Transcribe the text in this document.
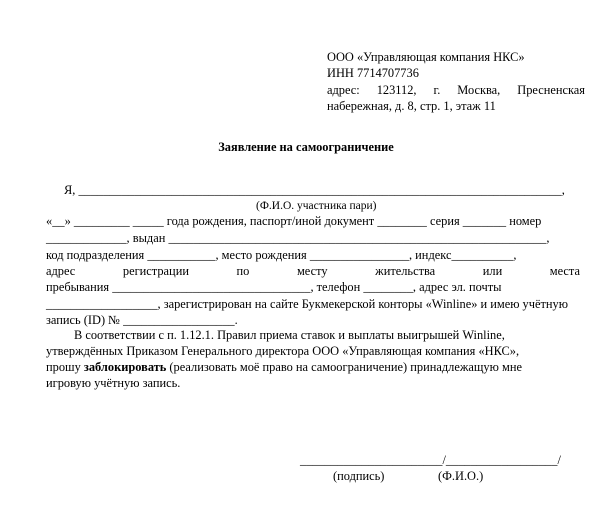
ООО «Управляющая компания НКС»
ИНН 7714707736
адрес: 123112, г. Москва, Пресненская
набережная, д. 8, стр. 1, этаж 11
Заявление на самоограничение
Я, ______________________________________________________________________________,
(Ф.И.О. участника пари)
«__» _________ _____ года рождения, паспорт/иной документ ________ серия _______ номер
_____________, выдан _____________________________________________________________,
код подразделения ___________, место рождения ________________, индекс__________,
адрес регистрации по месту жительства или места
пребывания ________________________________, телефон ________, адрес эл. почты
__________________, зарегистрирован на сайте Букмекерской конторы «Winline» и имею учётную
запись (ID) № __________________.
В соответствии с п. 1.12.1. Правил приема ставок и выплаты выигрышей Winline,
утверждённых Приказом Генерального директора ООО «Управляющая компания «НКС»,
прошу заблокировать (реализовать моё право на самоограничение) принадлежащую мне
игровую учётную запись.
_______________________/__________________/
(подпись)	(Ф.И.О.)
